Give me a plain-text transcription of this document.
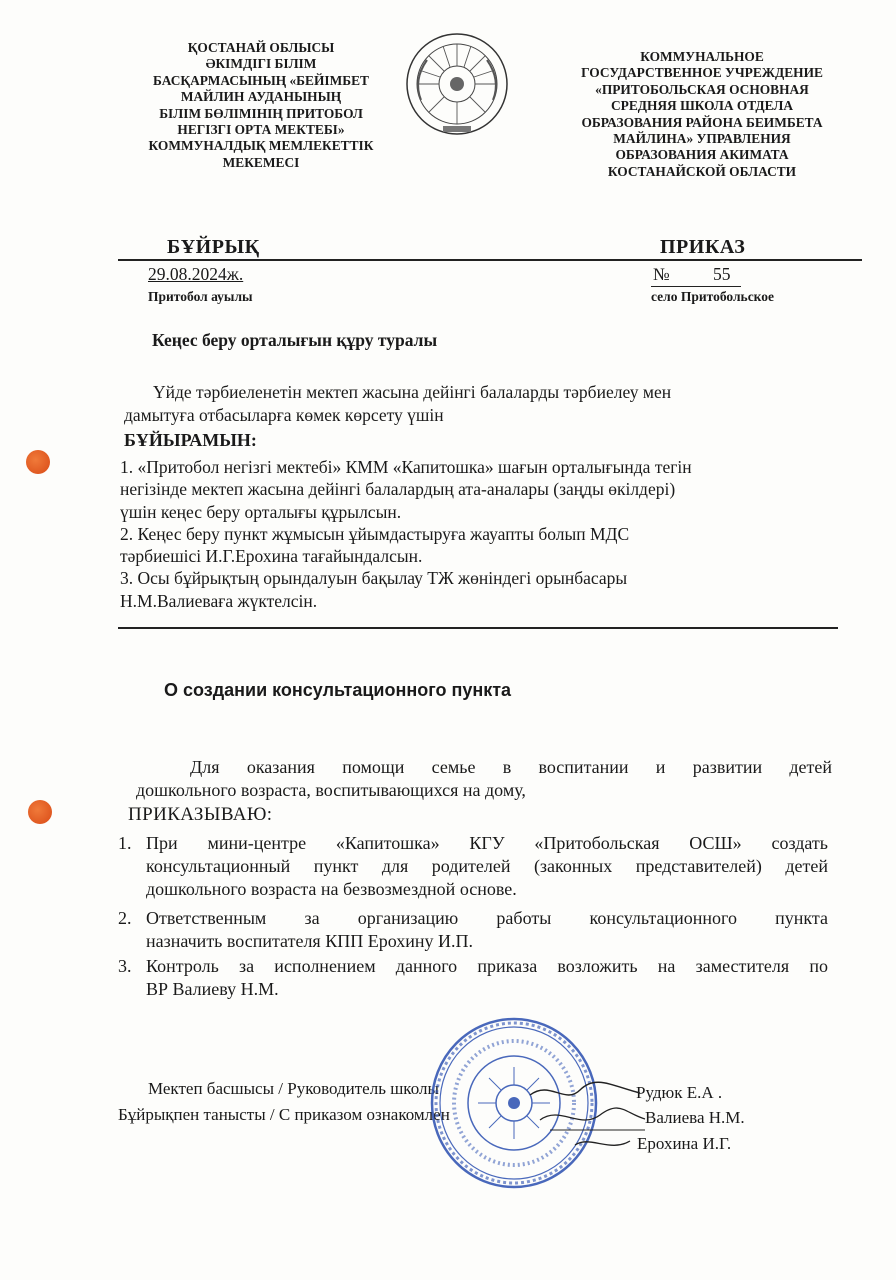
ҚОСТАНАЙ ОБЛЫСЫ
ӘКІМДІГІ БІЛІМ
БАСҚАРМАСЫНЫҢ «БЕЙІМБЕТ
МАЙЛИН АУДАНЫНЫҢ
БІЛІМ БӨЛІМІНІҢ ПРИТОБОЛ
НЕГІЗГІ ОРТА МЕКТЕБІ»
КОММУНАЛДЫҚ МЕМЛЕКЕТТІК
МЕКЕМЕСІ
КОММУНАЛЬНОЕ
ГОСУДАРСТВЕННОЕ УЧРЕЖДЕНИЕ
«ПРИТОБОЛЬСКАЯ ОСНОВНАЯ
СРЕДНЯЯ ШКОЛА ОТДЕЛА
ОБРАЗОВАНИЯ РАЙОНА БЕИМБЕТА
МАЙЛИНА» УПРАВЛЕНИЯ
ОБРАЗОВАНИЯ АКИМАТА
КОСТАНАЙСКОЙ ОБЛАСТИ
БҰЙРЫҚ	ПРИКАЗ
29.08.2024ж.	№ 55
Притобол ауылы	село Притобольское
Кеңес беру орталығын құру туралы
Үйде тәрбиеленетін мектеп жасына дейінгі балаларды тәрбиелеу мен
дамытуға отбасыларға көмек көрсету үшін
БҰЙЫРАМЫН:
1. «Притобол негізгі мектебі» КММ «Капитошка» шағын орталығында тегін
негізінде мектеп жасына дейінгі балалардың ата-аналары (заңды өкілдері)
үшін кеңес беру орталығы құрылсын.
2. Кеңес беру пункт жұмысын ұйымдастыруға жауапты болып МДС
тәрбиешісі И.Г.Ерохина тағайындалсын.
3. Осы бұйрықтың орындалуын бақылау ТЖ жөніндегі орынбасары
Н.М.Валиеваға жүктелсін.
О создании консультационного пункта
Для оказания помощи семье в воспитании и развитии детей
дошкольного возраста, воспитывающихся на дому,
ПРИКАЗЫВАЮ:
1. При мини-центре «Капитошка» КГУ «Притобольская ОСШ» создать
консультационный пункт для родителей (законных представителей) детей
дошкольного возраста на безвозмездной основе.
2. Ответственным за организацию работы консультационного пункта
назначить воспитателя КПП Ерохину И.П.
3. Контроль за исполнением данного приказа возложить на заместителя по
ВР Валиеву Н.М.
Мектеп басшысы / Руководитель школы
Бұйрықпен танысты / С приказом ознакомлен
Рудюк Е.А .
Валиева Н.М.
Ерохина И.Г.
